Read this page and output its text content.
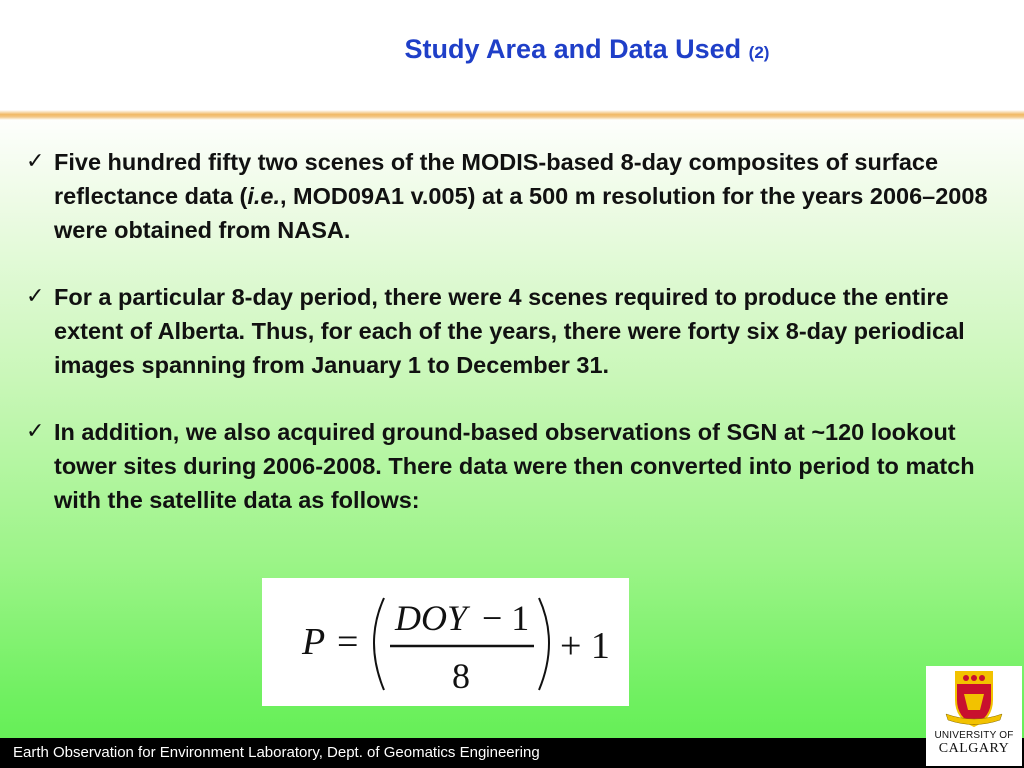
Study Area and Data Used (2)
✓ Five hundred fifty two scenes of the MODIS-based 8-day composites of surface reflectance data (i.e., MOD09A1 v.005) at a 500 m resolution for the years 2006–2008 were obtained from NASA.
✓ For a particular 8-day period, there were 4 scenes required to produce the entire extent of Alberta. Thus, for each of the years, there were forty six 8-day periodical images spanning from January 1 to December 31.
✓ In addition, we also acquired ground-based observations of SGN at ~120 lookout tower sites during 2006-2008. There data were then converted into period to match with the satellite data as follows:
P =
DOY − 1
8
+ 1
Earth Observation for Environment Laboratory, Dept. of Geomatics Engineering
UNIVERSITY OF
CALGARY
